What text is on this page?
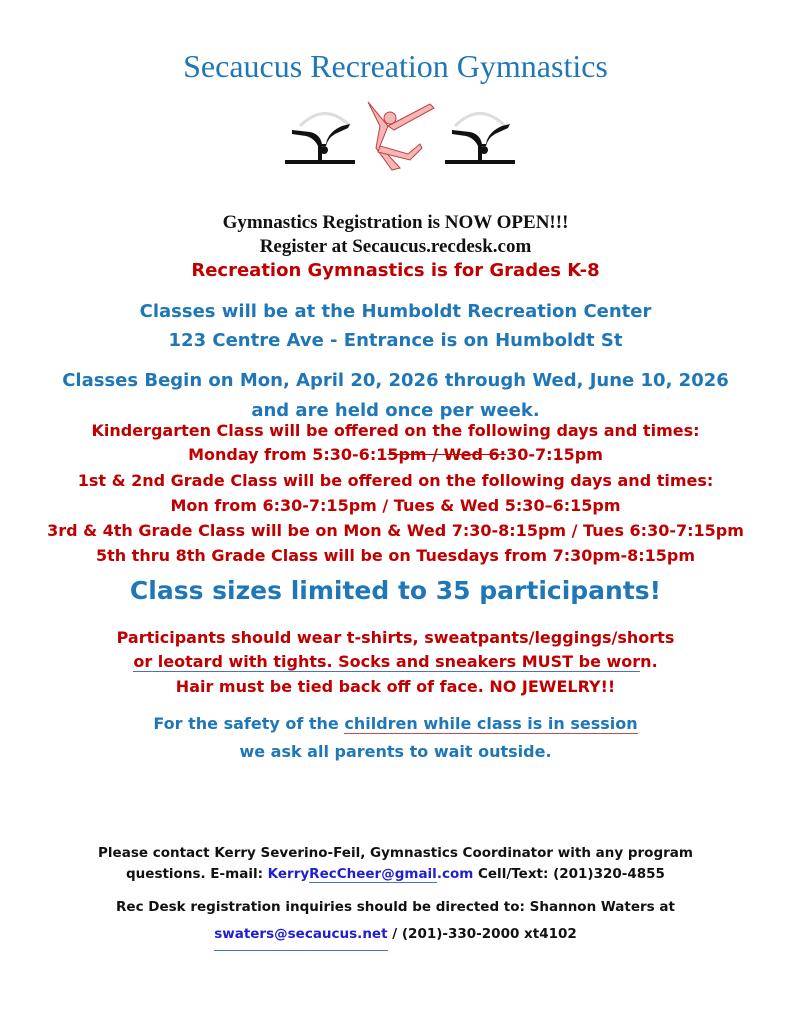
Secaucus Recreation Gymnastics
Gymnastics Registration is NOW OPEN!!!
Register at Secaucus.recdesk.com
Recreation Gymnastics is for Grades K-8
Classes will be at the Humboldt Recreation Center
123 Centre Ave - Entrance is on Humboldt St
Classes Begin on Mon, April 20, 2026 through Wed, June 10, 2026
and are held once per week.
Kindergarten Class will be offered on the following days and times:
Monday from 5:30-6:15pm / Wed 6:30-7:15pm
1st & 2nd Grade Class will be offered on the following days and times:
Mon from 6:30-7:15pm / Tues & Wed 5:30–6:15pm
3rd & 4th Grade Class will be on Mon & Wed 7:30-8:15pm / Tues 6:30-7:15pm
5th thru 8th Grade Class will be on Tuesdays from 7:30pm-8:15pm
Class sizes limited to 35 participants!
Participants should wear t-shirts, sweatpants/leggings/shorts
or leotard with tights. Socks and sneakers MUST be worn.
Hair must be tied back off of face. NO JEWELRY!!
For the safety of the children while class is in session
we ask all parents to wait outside.
Please contact Kerry Severino-Feil, Gymnastics Coordinator with any program
questions. E-mail: KerryRecCheer@gmail.com Cell/Text: (201)320-4855
Rec Desk registration inquiries should be directed to: Shannon Waters at
swaters@secaucus.net / (201)-330-2000 xt4102
